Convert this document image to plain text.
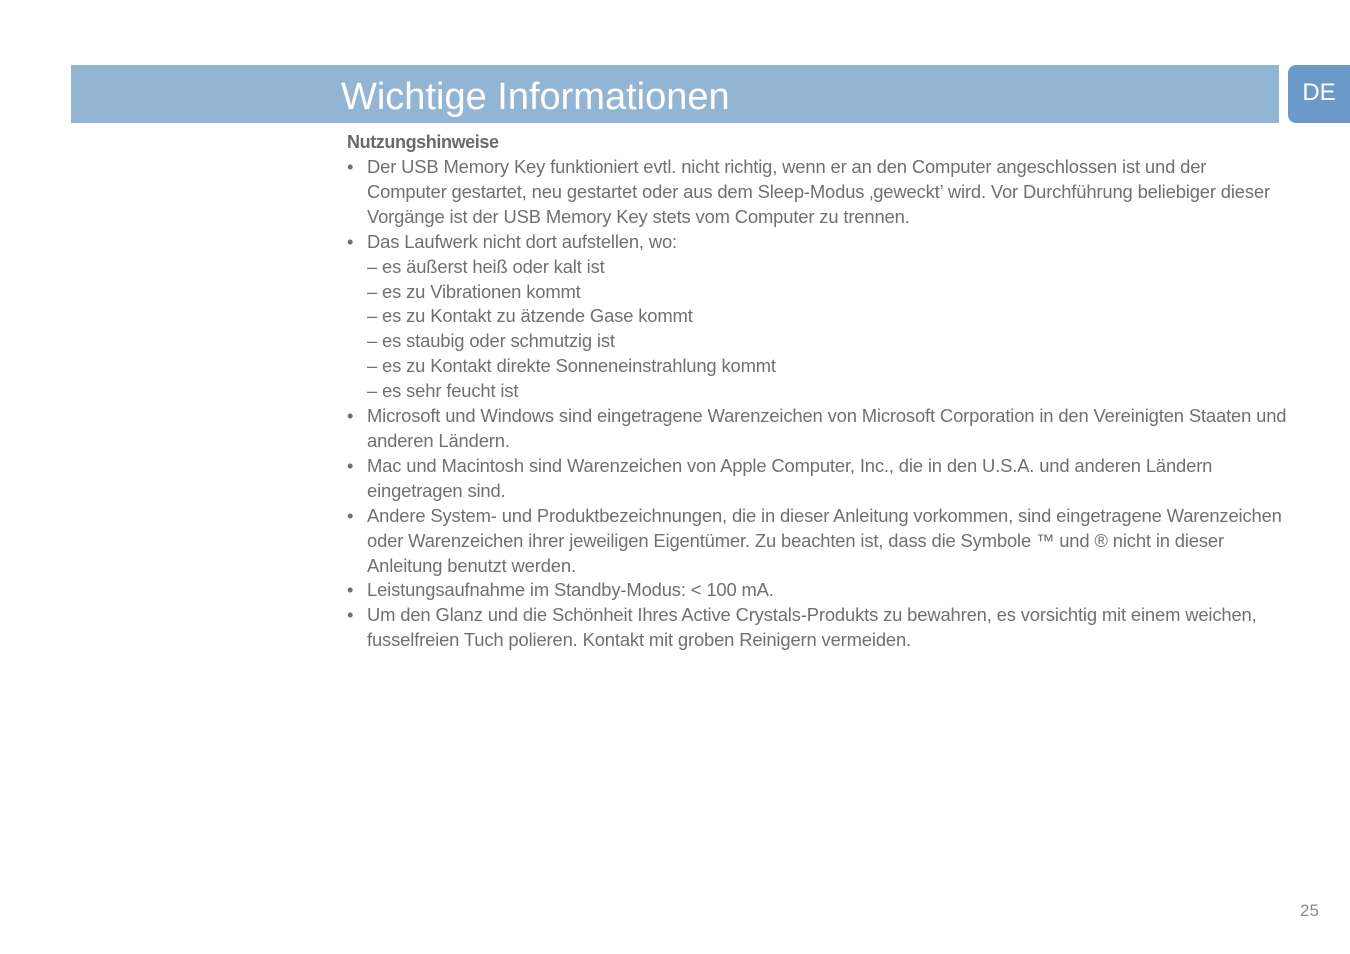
Wichtige Informationen	DE
Nutzungshinweise
• Der USB Memory Key funktioniert evtl. nicht richtig, wenn er an den Computer angeschlossen ist und der Computer gestartet, neu gestartet oder aus dem Sleep-Modus ‚geweckt’ wird. Vor Durchführung beliebiger dieser Vorgänge ist der USB Memory Key stets vom Computer zu trennen.
• Das Laufwerk nicht dort aufstellen, wo:
– es äußerst heiß oder kalt ist
– es zu Vibrationen kommt
– es zu Kontakt zu ätzende Gase kommt
– es staubig oder schmutzig ist
– es zu Kontakt direkte Sonneneinstrahlung kommt
– es sehr feucht ist
• Microsoft und Windows sind eingetragene Warenzeichen von Microsoft Corporation in den Vereinigten Staaten und anderen Ländern.
• Mac und Macintosh sind Warenzeichen von Apple Computer, Inc., die in den U.S.A. und anderen Ländern eingetragen sind.
• Andere System- und Produktbezeichnungen, die in dieser Anleitung vorkommen, sind eingetragene Warenzeichen oder Warenzeichen ihrer jeweiligen Eigentümer. Zu beachten ist, dass die Symbole ™ und ® nicht in dieser Anleitung benutzt werden.
• Leistungsaufnahme im Standby-Modus: < 100 mA.
• Um den Glanz und die Schönheit Ihres Active Crystals-Produkts zu bewahren, es vorsichtig mit einem weichen, fusselfreien Tuch polieren. Kontakt mit groben Reinigern vermeiden.
25
